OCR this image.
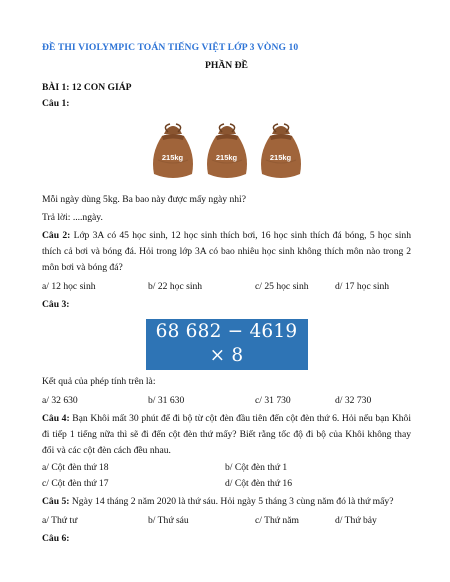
ĐỀ THI VIOLYMPIC TOÁN TIẾNG VIỆT LỚP 3 VÒNG 10

PHẦN ĐỀ

BÀI 1: 12 CON GIÁP

Câu 1:

215kg	215kg	215kg

Mỗi ngày dùng 5kg. Ba bao này được mấy ngày nhỉ?

Trả lời: ....ngày.

Câu 2: Lớp 3A có 45 học sinh, 12 học sinh thích bơi, 16 học sinh thích đá bóng, 5 học sinh thích cả bơi và bóng đá. Hỏi trong lớp 3A có bao nhiêu học sinh không thích môn nào trong 2 môn bơi và bóng đá?

a/ 12 học sinh	b/ 22 học sinh	c/ 25 học sinh	d/ 17 học sinh

Câu 3:

68 682 − 4619 × 8

Kết quả của phép tính trên là:

a/ 32 630	b/ 31 630	c/ 31 730	d/ 32 730

Câu 4: Bạn Khôi mất 30 phút để đi bộ từ cột đèn đầu tiên đến cột đèn thứ 6. Hỏi nếu bạn Khôi đi tiếp 1 tiếng nữa thì sẽ đi đến cột đèn thứ mấy? Biết rằng tốc độ đi bộ của Khôi không thay đổi và các cột đèn cách đều nhau.

a/ Cột đèn thứ 18	b/ Cột đèn thứ 1
c/ Cột đèn thứ 17	d/ Cột đèn thứ 16

Câu 5: Ngày 14 tháng 2 năm 2020 là thứ sáu. Hỏi ngày 5 tháng 3 cùng năm đó là thứ mấy?

a/ Thứ tư	b/ Thứ sáu	c/ Thứ năm	d/ Thứ bảy

Câu 6:
